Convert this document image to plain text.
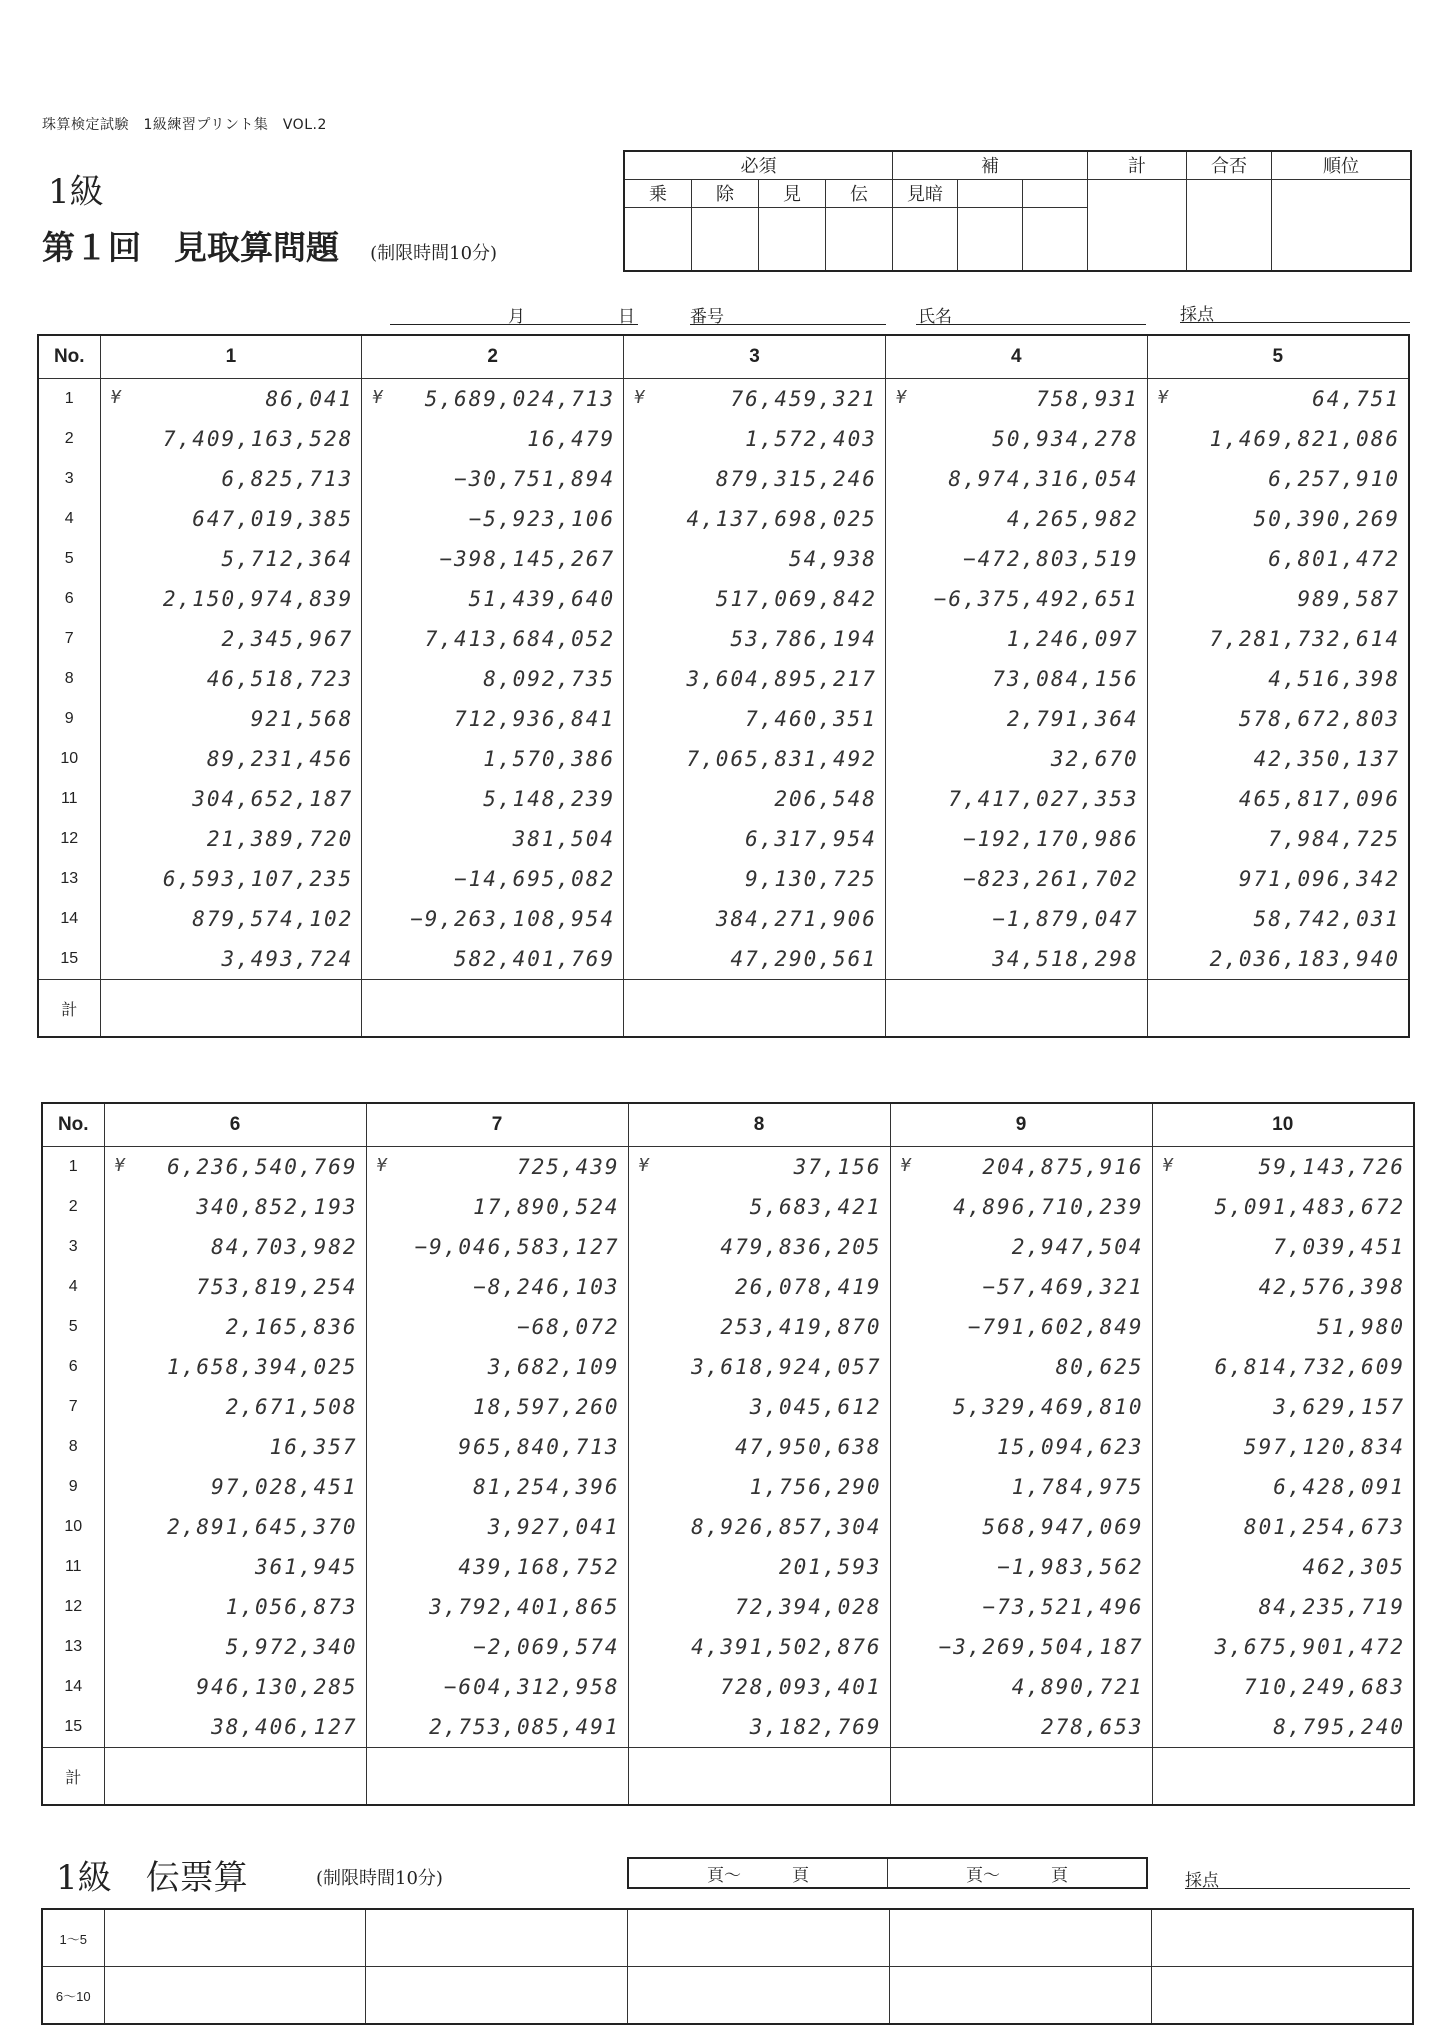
珠算検定試験　1級練習プリント集　VOL.2
1級
第１回　見取算問題 (制限時間10分)
必須				補			計	合否	順位
乗	除	見	伝	見暗					

月	日	番号	氏名	採点
No.	1	2	3	4	5
1	¥ 86,041	¥ 5,689,024,713	¥ 76,459,321	¥ 758,931	¥ 64,751
2	7,409,163,528	16,479	1,572,403	50,934,278	1,469,821,086
3	6,825,713	−30,751,894	879,315,246	8,974,316,054	6,257,910
4	647,019,385	−5,923,106	4,137,698,025	4,265,982	50,390,269
5	5,712,364	−398,145,267	54,938	−472,803,519	6,801,472
6	2,150,974,839	51,439,640	517,069,842	−6,375,492,651	989,587
7	2,345,967	7,413,684,052	53,786,194	1,246,097	7,281,732,614
8	46,518,723	8,092,735	3,604,895,217	73,084,156	4,516,398
9	921,568	712,936,841	7,460,351	2,791,364	578,672,803
10	89,231,456	1,570,386	7,065,831,492	32,670	42,350,137
11	304,652,187	5,148,239	206,548	7,417,027,353	465,817,096
12	21,389,720	381,504	6,317,954	−192,170,986	7,984,725
13	6,593,107,235	−14,695,082	9,130,725	−823,261,702	971,096,342
14	879,574,102	−9,263,108,954	384,271,906	−1,879,047	58,742,031
15	3,493,724	582,401,769	47,290,561	34,518,298	2,036,183,940
計					
No.	6	7	8	9	10
1	¥ 6,236,540,769	¥ 725,439	¥ 37,156	¥ 204,875,916	¥ 59,143,726
2	340,852,193	17,890,524	5,683,421	4,896,710,239	5,091,483,672
3	84,703,982	−9,046,583,127	479,836,205	2,947,504	7,039,451
4	753,819,254	−8,246,103	26,078,419	−57,469,321	42,576,398
5	2,165,836	−68,072	253,419,870	−791,602,849	51,980
6	1,658,394,025	3,682,109	3,618,924,057	80,625	6,814,732,609
7	2,671,508	18,597,260	3,045,612	5,329,469,810	3,629,157
8	16,357	965,840,713	47,950,638	15,094,623	597,120,834
9	97,028,451	81,254,396	1,756,290	1,784,975	6,428,091
10	2,891,645,370	3,927,041	8,926,857,304	568,947,069	801,254,673
11	361,945	439,168,752	201,593	−1,983,562	462,305
12	1,056,873	3,792,401,865	72,394,028	−73,521,496	84,235,719
13	5,972,340	−2,069,574	4,391,502,876	−3,269,504,187	3,675,901,472
14	946,130,285	−604,312,958	728,093,401	4,890,721	710,249,683
15	38,406,127	2,753,085,491	3,182,769	278,653	8,795,240
計					
1級　伝票算	(制限時間10分)	頁～　　　頁	頁～　　　頁	採点
1～5					
6～10					
